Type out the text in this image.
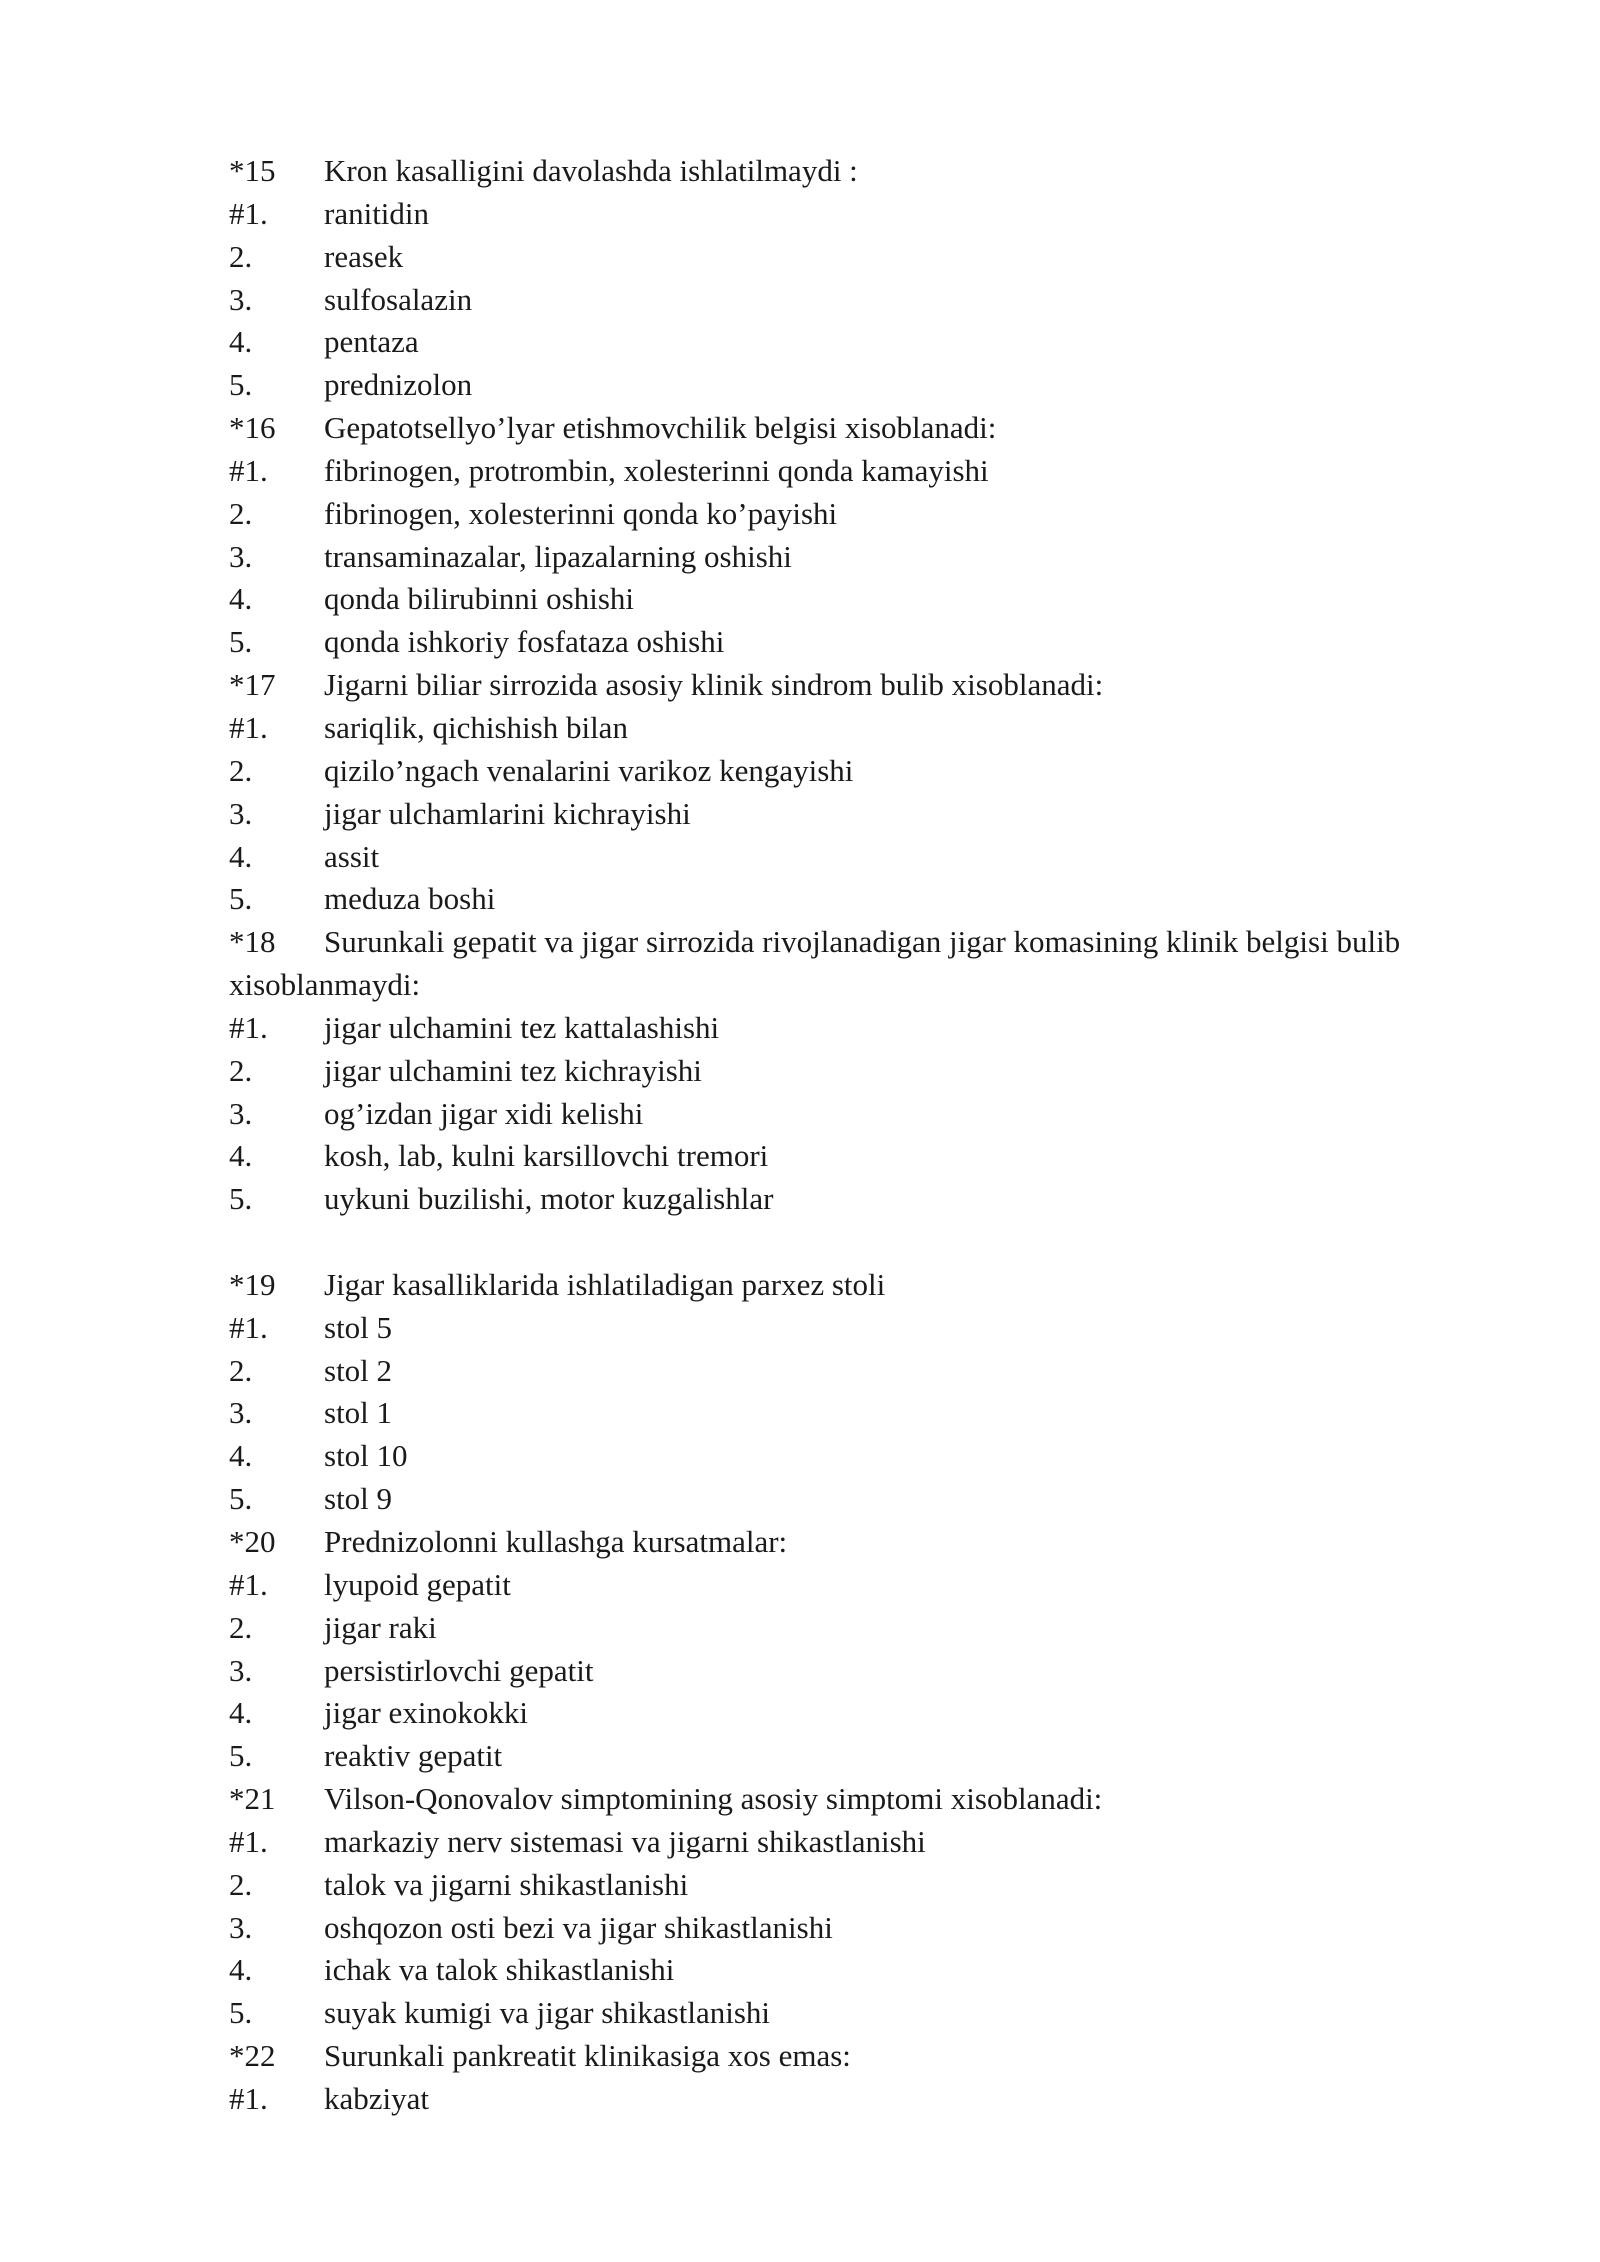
*15	Kron kasalligini davolashda ishlatilmaydi :
#1.	ranitidin
2.	reasek
3.	sulfosalazin
4.	pentaza
5.	prednizolon
*16	Gepatotsellyo’lyar etishmovchilik belgisi xisoblanadi:
#1.	fibrinogen, protrombin, xolesterinni qonda kamayishi
2.	fibrinogen, xolesterinni qonda ko’payishi
3.	transaminazalar, lipazalarning oshishi
4.	qonda bilirubinni oshishi
5.	qonda ishkoriy fosfataza oshishi
*17	Jigarni biliar sirrozida asosiy klinik sindrom bulib xisoblanadi:
#1.	sariqlik, qichishish bilan
2.	qizilo’ngach venalarini varikoz kengayishi
3.	jigar ulchamlarini kichrayishi
4.	assit
5.	meduza boshi
*18	Surunkali gepatit va jigar sirrozida rivojlanadigan jigar komasining klinik belgisi bulib
xisoblanmaydi:
#1.	jigar ulchamini tez kattalashishi
2.	jigar ulchamini tez kichrayishi
3.	og’izdan jigar xidi kelishi
4.	kosh, lab, kulni karsillovchi tremori
5.	uykuni buzilishi, motor kuzgalishlar
*19	Jigar kasalliklarida ishlatiladigan parxez stoli
#1.	stol 5
2.	stol 2
3.	stol 1
4.	stol 10
5.	stol 9
*20	Prednizolonni kullashga kursatmalar:
#1.	lyupoid gepatit
2.	jigar raki
3.	persistirlovchi gepatit
4.	jigar exinokokki
5.	reaktiv gepatit
*21	Vilson-Qonovalov simptomining asosiy simptomi xisoblanadi:
#1.	markaziy nerv sistemasi va jigarni shikastlanishi
2.	talok va jigarni shikastlanishi
3.	oshqozon osti bezi va jigar shikastlanishi
4.	ichak va talok shikastlanishi
5.	suyak kumigi va jigar shikastlanishi
*22	Surunkali pankreatit klinikasiga xos emas:
#1.	kabziyat
